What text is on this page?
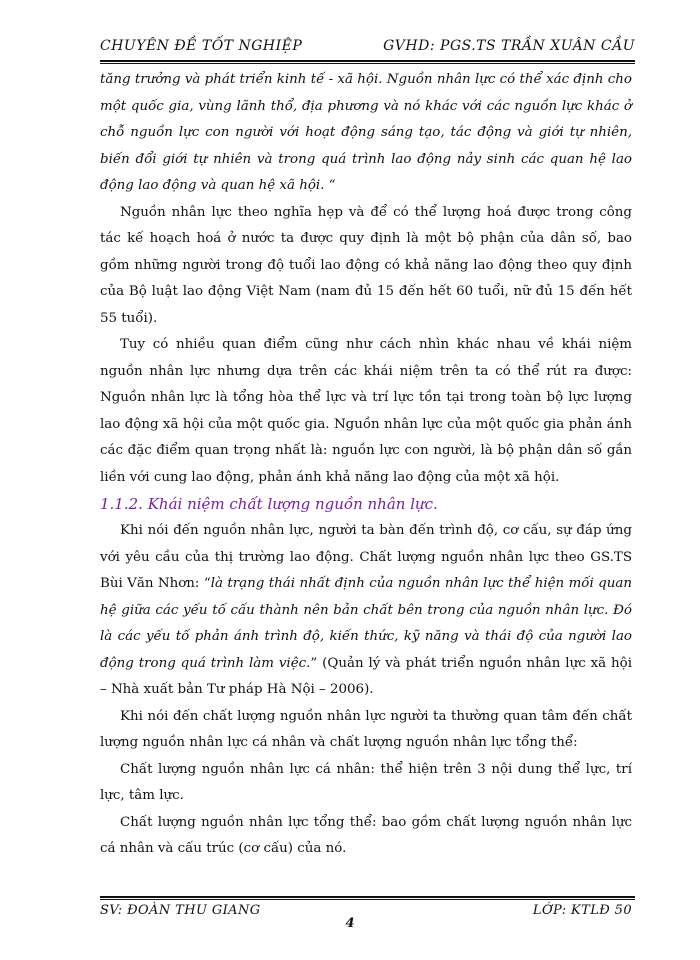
CHUYÊN ĐỀ TỐT NGHIỆP	GVHD: PGS.TS TRẦN XUÂN CẦU

tăng trưởng và phát triển kinh tế - xã hội. Nguồn nhân lực có thể xác định cho một quốc gia, vùng lãnh thổ, địa phương và nó khác với các nguồn lực khác ở chỗ nguồn lực con người với hoạt động sáng tạo, tác động và giới tự nhiên, biến đổi giới tự nhiên và trong quá trình lao động nảy sinh các quan hệ lao động lao động và quan hệ xã hội. “

Nguồn nhân lực theo nghĩa hẹp và để có thể lượng hoá được trong công tác kế hoạch hoá ở nước ta được quy định là một bộ phận của dân số, bao gồm những người trong độ tuổi lao động có khả năng lao động theo quy định của Bộ luật lao động Việt Nam (nam đủ 15 đến hết 60 tuổi, nữ đủ 15 đến hết 55 tuổi).

Tuy có nhiều quan điểm cũng như cách nhìn khác nhau về khái niệm nguồn nhân lực nhưng dựa trên các khái niệm trên ta có thể rút ra được: Nguồn nhân lực là tổng hòa thể lực và trí lực tồn tại trong toàn bộ lực lượng lao động xã hội của một quốc gia. Nguồn nhân lực của một quốc gia phản ánh các đặc điểm quan trọng nhất là: nguồn lực con người, là bộ phận dân số gắn liền với cung lao động, phản ánh khả năng lao động của một xã hội.

1.1.2. Khái niệm chất lượng nguồn nhân lực.

Khi nói đến nguồn nhân lực, người ta bàn đến trình độ, cơ cấu, sự đáp ứng với yêu cầu của thị trường lao động. Chất lượng nguồn nhân lực theo GS.TS Bùi Văn Nhơn: “là trạng thái nhất định của nguồn nhân lực thể hiện mối quan hệ giữa các yếu tố cấu thành nên bản chất bên trong của nguồn nhân lực. Đó là các yếu tố phản ánh trình độ, kiến thức, kỹ năng và thái độ của người lao động trong quá trình làm việc.” (Quản lý và phát triển nguồn nhân lực xã hội – Nhà xuất bản Tư pháp Hà Nội – 2006).

Khi nói đến chất lượng nguồn nhân lực người ta thường quan tâm đến chất lượng nguồn nhân lực cá nhân và chất lượng nguồn nhân lực tổng thể:

Chất lượng nguồn nhân lực cá nhân: thể hiện trên 3 nội dung thể lực, trí lực, tâm lực.

Chất lượng nguồn nhân lực tổng thể: bao gồm chất lượng nguồn nhân lực cá nhân và cấu trúc (cơ cấu) của nó.

SV: ĐOÀN THU GIANG	LỚP: KTLĐ 50
4
